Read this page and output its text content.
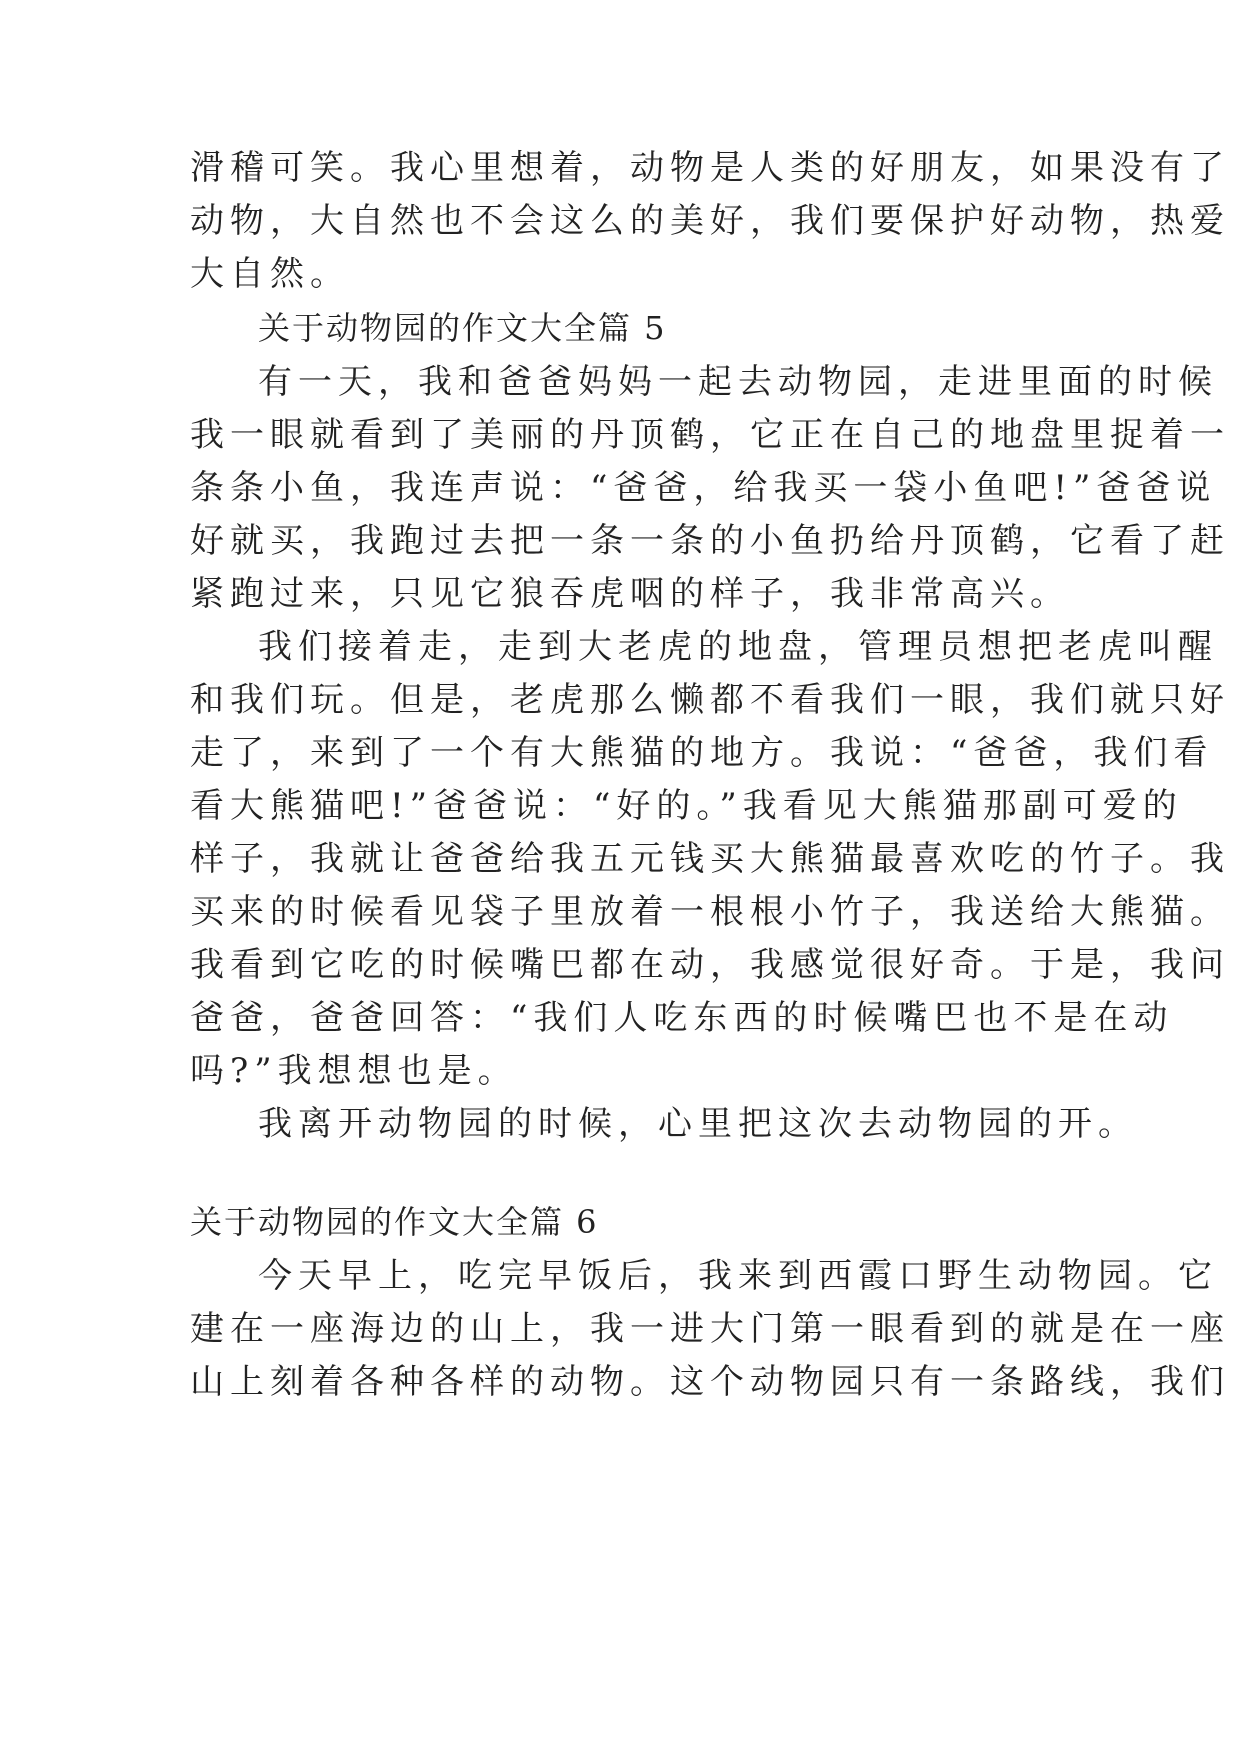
滑稽可笑。我心里想着，动物是人类的好朋友，如果没有了
动物，大自然也不会这么的美好，我们要保护好动物，热爱
大自然。
关于动物园的作文大全篇 5
有一天，我和爸爸妈妈一起去动物园，走进里面的时候
我一眼就看到了美丽的丹顶鹤，它正在自己的地盘里捉着一
条条小鱼，我连声说：“爸爸，给我买一袋小鱼吧!”爸爸说
好就买，我跑过去把一条一条的小鱼扔给丹顶鹤，它看了赶
紧跑过来，只见它狼吞虎咽的样子，我非常高兴。
我们接着走，走到大老虎的地盘，管理员想把老虎叫醒
和我们玩。但是，老虎那么懒都不看我们一眼，我们就只好
走了，来到了一个有大熊猫的地方。我说：“爸爸，我们看
看大熊猫吧!”爸爸说：“好的。”我看见大熊猫那副可爱的
样子，我就让爸爸给我五元钱买大熊猫最喜欢吃的竹子。我
买来的时候看见袋子里放着一根根小竹子，我送给大熊猫。
我看到它吃的时候嘴巴都在动，我感觉很好奇。于是，我问
爸爸，爸爸回答：“我们人吃东西的时候嘴巴也不是在动
吗?”我想想也是。
我离开动物园的时候，心里把这次去动物园的开。
关于动物园的作文大全篇 6
今天早上，吃完早饭后，我来到西霞口野生动物园。它
建在一座海边的山上，我一进大门第一眼看到的就是在一座
山上刻着各种各样的动物。这个动物园只有一条路线，我们
